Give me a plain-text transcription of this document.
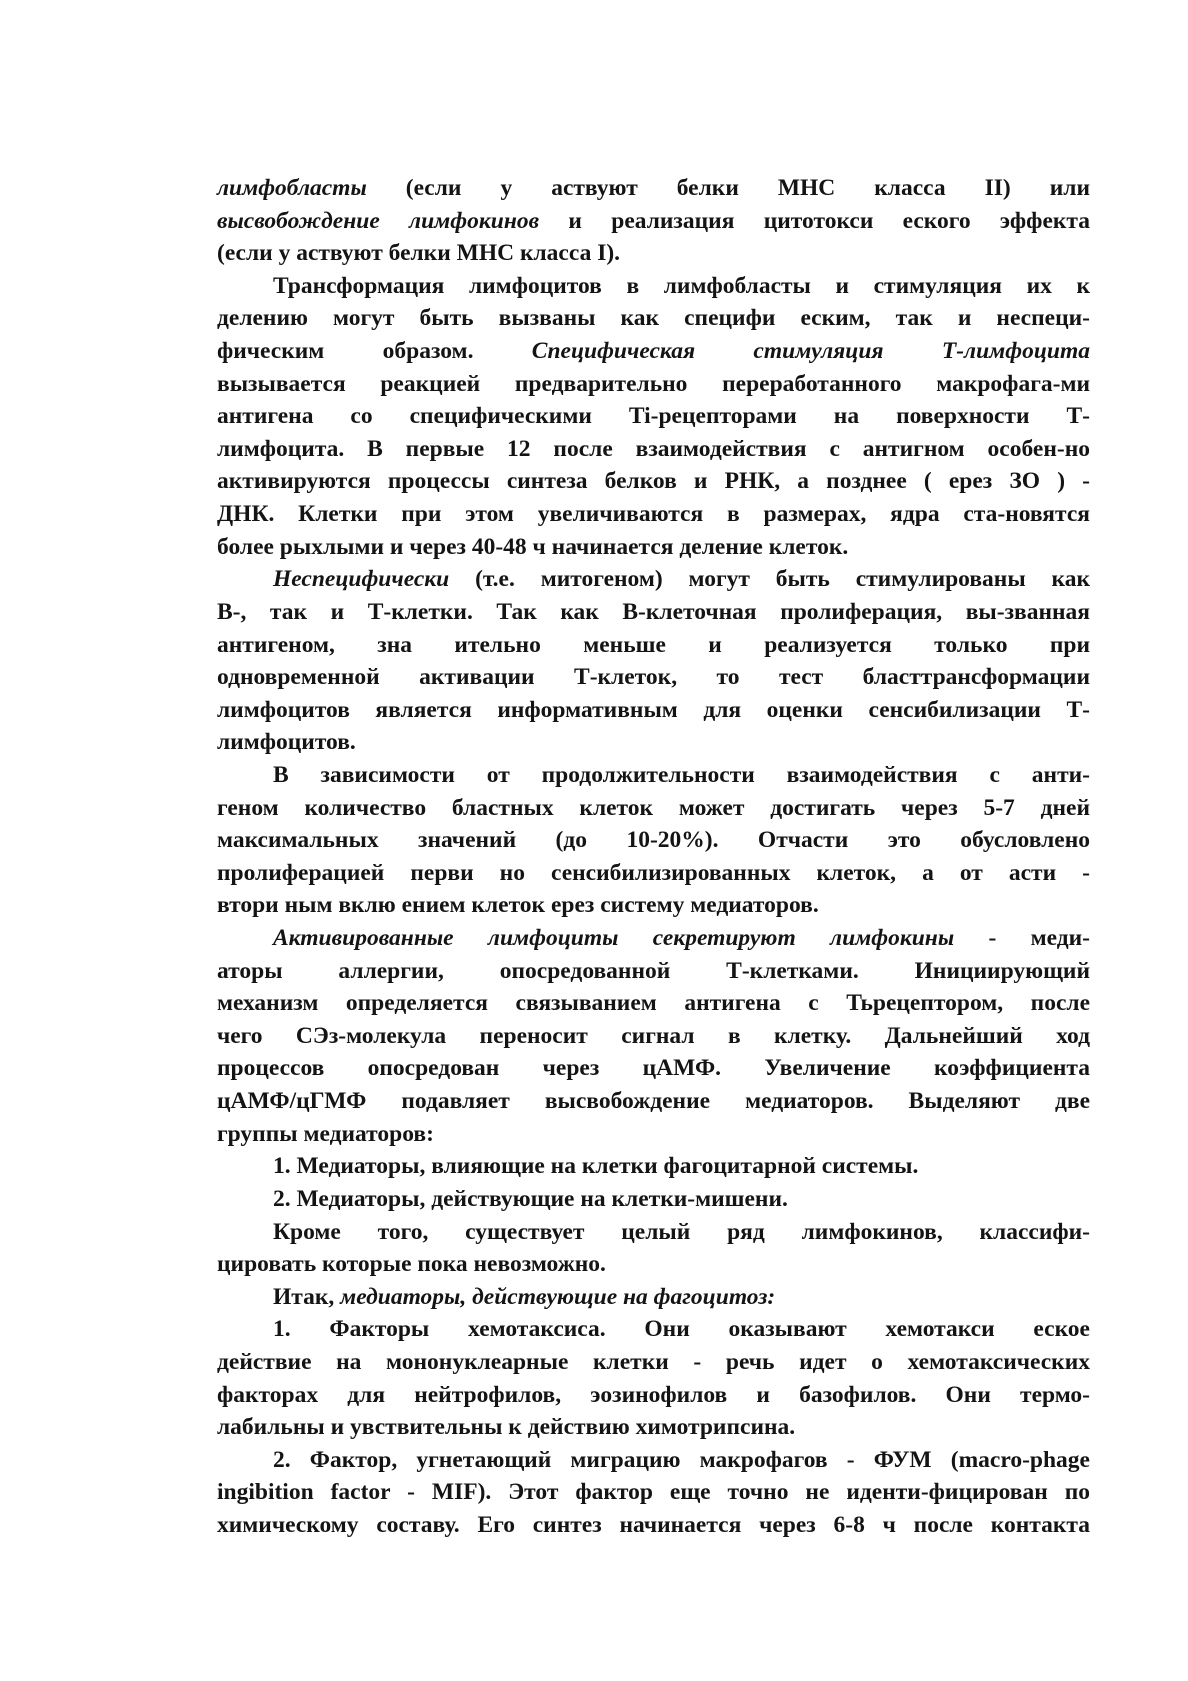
лимфобласты (если у аствуют белки МНС класса II) или
высвобождение лимфокинов и реализация цитотокси еского эффекта
(если у аствуют белки МНС класса I).
Трансформация лимфоцитов в лимфобласты и стимуляция их к
делению могут быть вызваны как специфи еским, так и неспеци-
фическим образом. Специфическая стимуляция Т-лимфоцита
вызывается реакцией предварительно переработанного макрофага-ми
антигена со специфическими Ti-рецепторами на поверхности Т-
лимфоцита. В первые 12 после взаимодействия с антигном особен-но
активируются процессы синтеза белков и РНК, а позднее ( ерез ЗО ) -
ДНК. Клетки при этом увеличиваются в размерах, ядра ста-новятся
более рыхлыми и через 40-48 ч начинается деление клеток.
Неспецифически (т.е. митогеном) могут быть стимулированы как
В-, так и Т-клетки. Так как В-клеточная пролиферация, вы-званная
антигеном, зна ительно меньше и реализуется только при
одновременной активации Т-клеток, то тест бласттрансформации
лимфоцитов является информативным для оценки сенсибилизации Т-
лимфоцитов.
В зависимости от продолжительности взаимодействия с анти-
геном количество бластных клеток может достигать через 5-7 дней
максимальных значений (до 10-20%). Отчасти это обусловлено
пролиферацией перви но сенсибилизированных клеток, а от асти -
втори ным вклю ением клеток ерез систему медиаторов.
Активированные лимфоциты секретируют лимфокины - меди-
аторы аллергии, опосредованной Т-клетками. Инициирующий
механизм определяется связыванием антигена с Тьрецептором, после
чего СЭз-молекула переносит сигнал в клетку. Дальнейший ход
процессов опосредован через цАМФ. Увеличение коэффициента
цАМФ/цГМФ подавляет высвобождение медиаторов. Выделяют две
группы медиаторов:
1. Медиаторы, влияющие на клетки фагоцитарной системы.
2. Медиаторы, действующие на клетки-мишени.
Кроме того, существует целый ряд лимфокинов, классифи-
цировать которые пока невозможно.
Итак, медиаторы, действующие на фагоцитоз:
1. Факторы хемотаксиса. Они оказывают хемотакси еское
действие на мононуклеарные клетки - речь идет о хемотаксических
факторах для нейтрофилов, эозинофилов и базофилов. Они термо-
лабильны и увствительны к действию химотрипсина.
2. Фактор, угнетающий миграцию макрофагов - ФУМ (macro-phage
ingibition factor - MIF). Этот фактор еще точно не иденти-фицирован по
химическому составу. Его синтез начинается через 6-8 ч после контакта
